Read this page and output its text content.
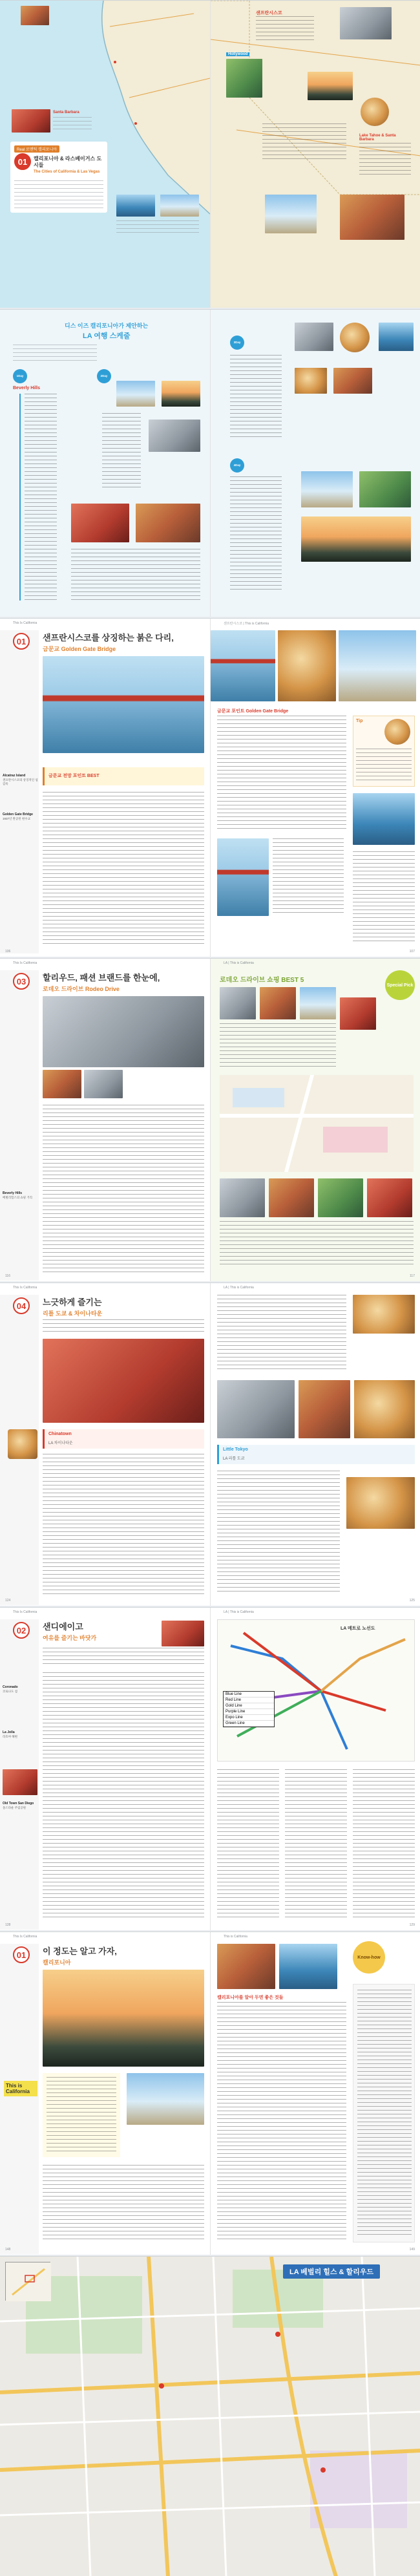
Santa Barbara
Real 로맨틱 캘리포니아
01	캘리포니아 & 라스베이거스 도시들
The Cities of California & Las Vegas
샌프란시스코
Hollywood
Lake Tahoe & Santa Barbara
디스 이즈 캘리포니아가 제안하는
LA 여행 스케줄
1Day
Beverly Hills
2Day
3Day
4Day
This Is California
01	샌프란시스코를 상징하는 붉은 다리,
금문교 Golden Gate Bridge
Alcatraz Island
샌프란시스코의 상징적인 섬 감옥
Golden Gate Bridge
1937년 완공된 현수교
금문교 전망 포인트 BEST
106
샌프란시스코 | This is California
금문교 포인트 Golden Gate Bridge
Tip
107
This Is California
03	할리우드, 패션 브랜드를 한눈에,
로데오 드라이브 Rodeo Drive
Beverly Hills
베벌리힐스의 쇼핑 거리
116
LA | This is California
로데오 드라이브 쇼핑 BEST 5
Special Pick
117
This Is California
04	느긋하게 즐기는
리틀 도쿄 & 차이나타운
Chinatown
LA 차이나타운
124
LA | This is California
Little Tokyo
LA 리틀 도쿄
125
This Is California
02	샌디에이고
여유를 즐기는 바닷가
Coronado
코로나도 섬
La Jolla
라호야 해변
Old Town San Diego
올드타운 주립공원
128
LA | This is California
Blue Line
Red Line
Gold Line
Purple Line
Expo Line
Green Line
LA 메트로 노선도
129
This Is California
01	이 정도는 알고 가자,
캘리포니아
This is California
148
This is California
Know-how
캘리포니아를 알아 두면 좋은 것들
149
LA 베벌리 힐스 & 할리우드
